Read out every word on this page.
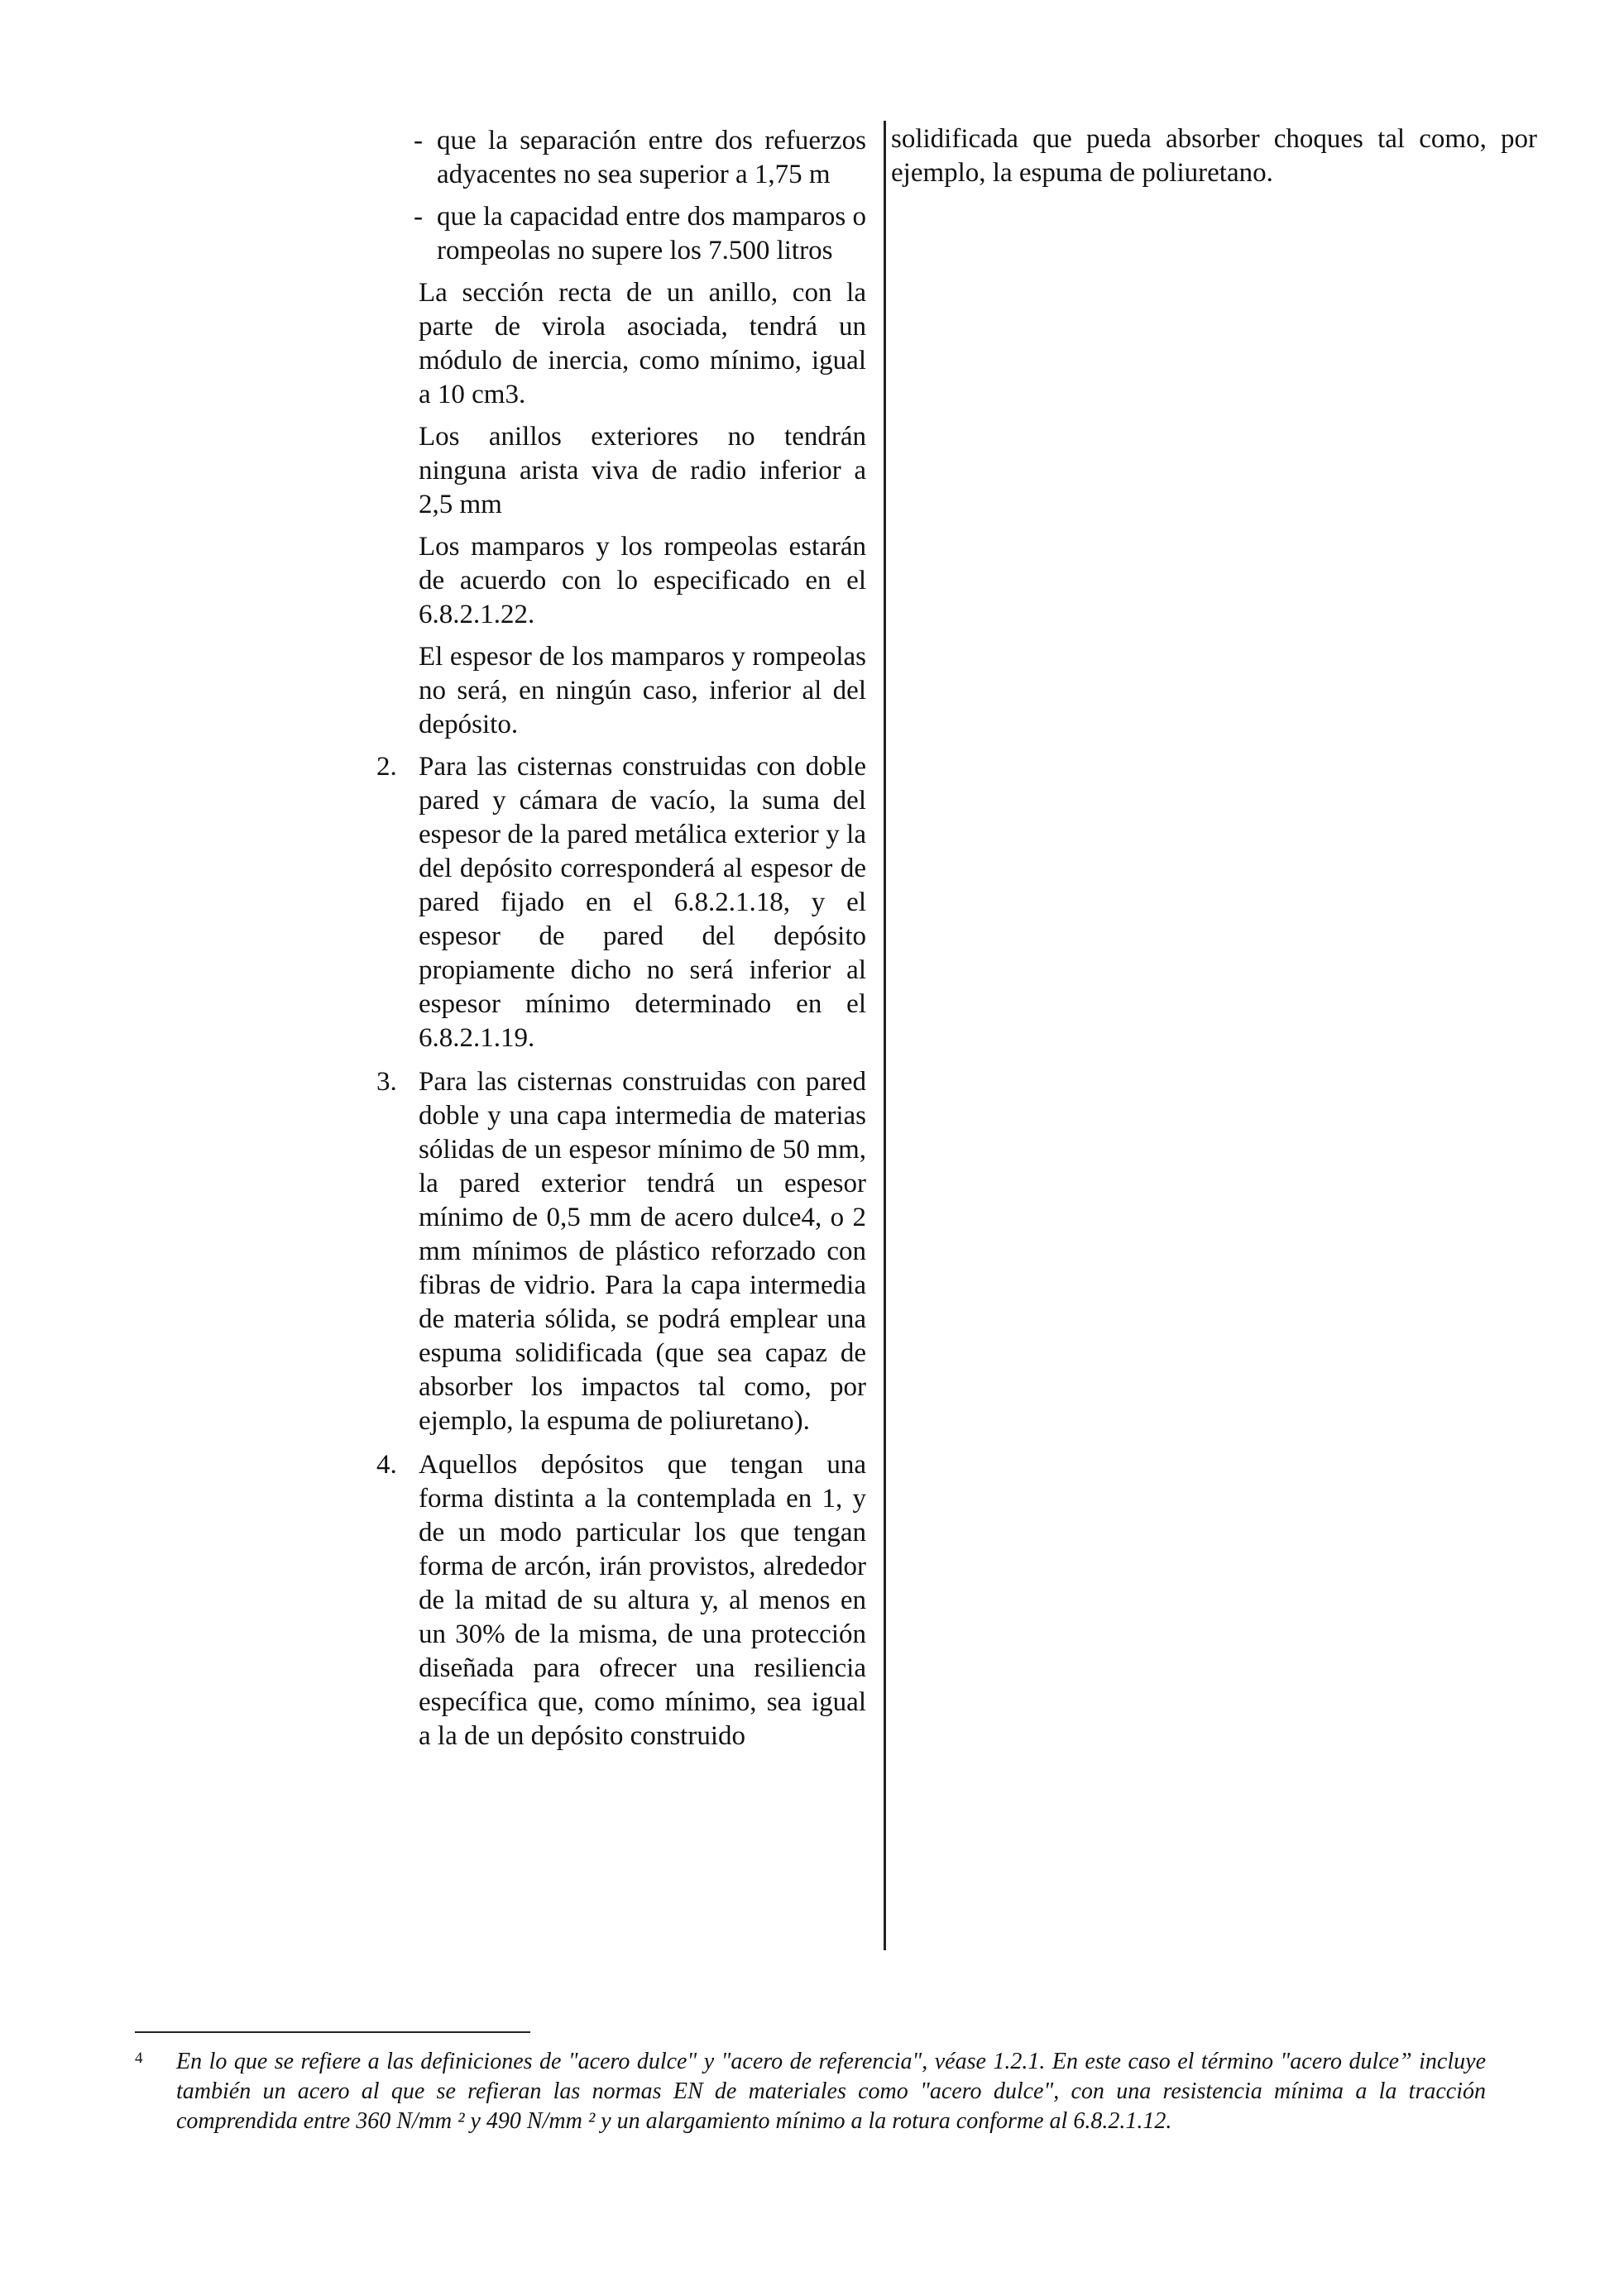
- que la separación entre dos refuerzos adyacentes no sea superior a 1,75 m
- que la capacidad entre dos mamparos o rompeolas no supere los 7.500 litros
La sección recta de un anillo, con la parte de virola asociada, tendrá un módulo de inercia, como mínimo, igual a 10 cm3.
Los anillos exteriores no tendrán ninguna arista viva de radio inferior a 2,5 mm
Los mamparos y los rompeolas estarán de acuerdo con lo especificado en el 6.8.2.1.22.
El espesor de los mamparos y rompeolas no será, en ningún caso, inferior al del depósito.
2. Para las cisternas construidas con doble pared y cámara de vacío, la suma del espesor de la pared metálica exterior y la del depósito corresponderá al espesor de pared fijado en el 6.8.2.1.18, y el espesor de pared del depósito propiamente dicho no será inferior al espesor mínimo determinado en el 6.8.2.1.19.
3. Para las cisternas construidas con pared doble y una capa intermedia de materias sólidas de un espesor mínimo de 50 mm, la pared exterior tendrá un espesor mínimo de 0,5 mm de acero dulce4, o 2 mm mínimos de plástico reforzado con fibras de vidrio. Para la capa intermedia de materia sólida, se podrá emplear una espuma solidificada (que sea capaz de absorber los impactos tal como, por ejemplo, la espuma de poliuretano).
4. Aquellos depósitos que tengan una forma distinta a la contemplada en 1, y de un modo particular los que tengan forma de arcón, irán provistos, alrededor de la mitad de su altura y, al menos en un 30% de la misma, de una protección diseñada para ofrecer una resiliencia específica que, como mínimo, sea igual a la de un depósito construido
solidificada que pueda absorber choques tal como, por ejemplo, la espuma de poliuretano.
4	En lo que se refiere a las definiciones de "acero dulce" y "acero de referencia", véase 1.2.1. En este caso el término "acero dulce” incluye también un acero al que se refieran las normas EN de materiales como "acero dulce", con una resistencia mínima a la tracción comprendida entre 360 N/mm ² y 490 N/mm ² y un alargamiento mínimo a la rotura conforme al 6.8.2.1.12.
